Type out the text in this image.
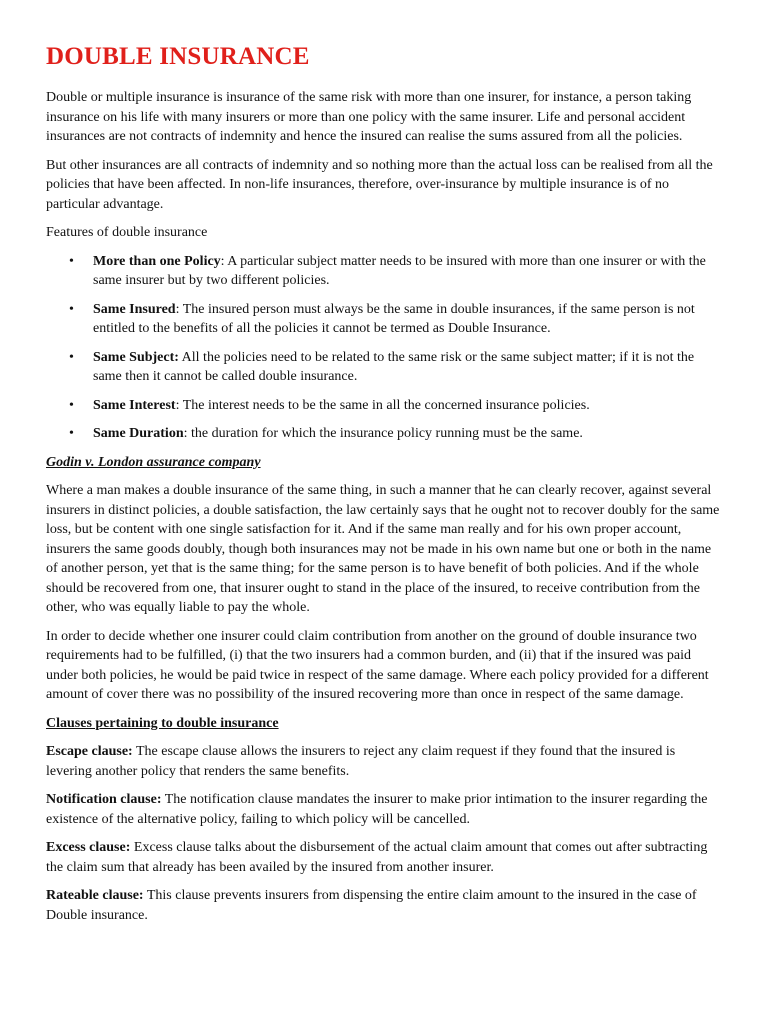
DOUBLE INSURANCE

Double or multiple insurance is insurance of the same risk with more than one insurer, for instance, a person taking insurance on his life with many insurers or more than one policy with the same insurer. Life and personal accident insurances are not contracts of indemnity and hence the insured can realise the sums assured from all the policies.

But other insurances are all contracts of indemnity and so nothing more than the actual loss can be realised from all the policies that have been affected. In non-life insurances, therefore, over-insurance by multiple insurance is of no particular advantage.

Features of double insurance

• More than one Policy: A particular subject matter needs to be insured with more than one insurer or with the same insurer but by two different policies.
• Same Insured: The insured person must always be the same in double insurances, if the same person is not entitled to the benefits of all the policies it cannot be termed as Double Insurance.
• Same Subject: All the policies need to be related to the same risk or the same subject matter; if it is not the same then it cannot be called double insurance.
• Same Interest: The interest needs to be the same in all the concerned insurance policies.
• Same Duration: the duration for which the insurance policy running must be the same.

Godin v. London assurance company

Where a man makes a double insurance of the same thing, in such a manner that he can clearly recover, against several insurers in distinct policies, a double satisfaction, the law certainly says that he ought not to recover doubly for the same loss, but be content with one single satisfaction for it. And if the same man really and for his own proper account, insurers the same goods doubly, though both insurances may not be made in his own name but one or both in the name of another person, yet that is the same thing; for the same person is to have benefit of both policies. And if the whole should be recovered from one, that insurer ought to stand in the place of the insured, to receive contribution from the other, who was equally liable to pay the whole.

In order to decide whether one insurer could claim contribution from another on the ground of double insurance two requirements had to be fulfilled, (i) that the two insurers had a common burden, and (ii) that if the insured was paid under both policies, he would be paid twice in respect of the same damage. Where each policy provided for a different amount of cover there was no possibility of the insured recovering more than once in respect of the same damage.

Clauses pertaining to double insurance

Escape clause: The escape clause allows the insurers to reject any claim request if they found that the insured is levering another policy that renders the same benefits.

Notification clause: The notification clause mandates the insurer to make prior intimation to the insurer regarding the existence of the alternative policy, failing to which policy will be cancelled.

Excess clause: Excess clause talks about the disbursement of the actual claim amount that comes out after subtracting the claim sum that already has been availed by the insured from another insurer.

Rateable clause: This clause prevents insurers from dispensing the entire claim amount to the insured in the case of Double insurance.
